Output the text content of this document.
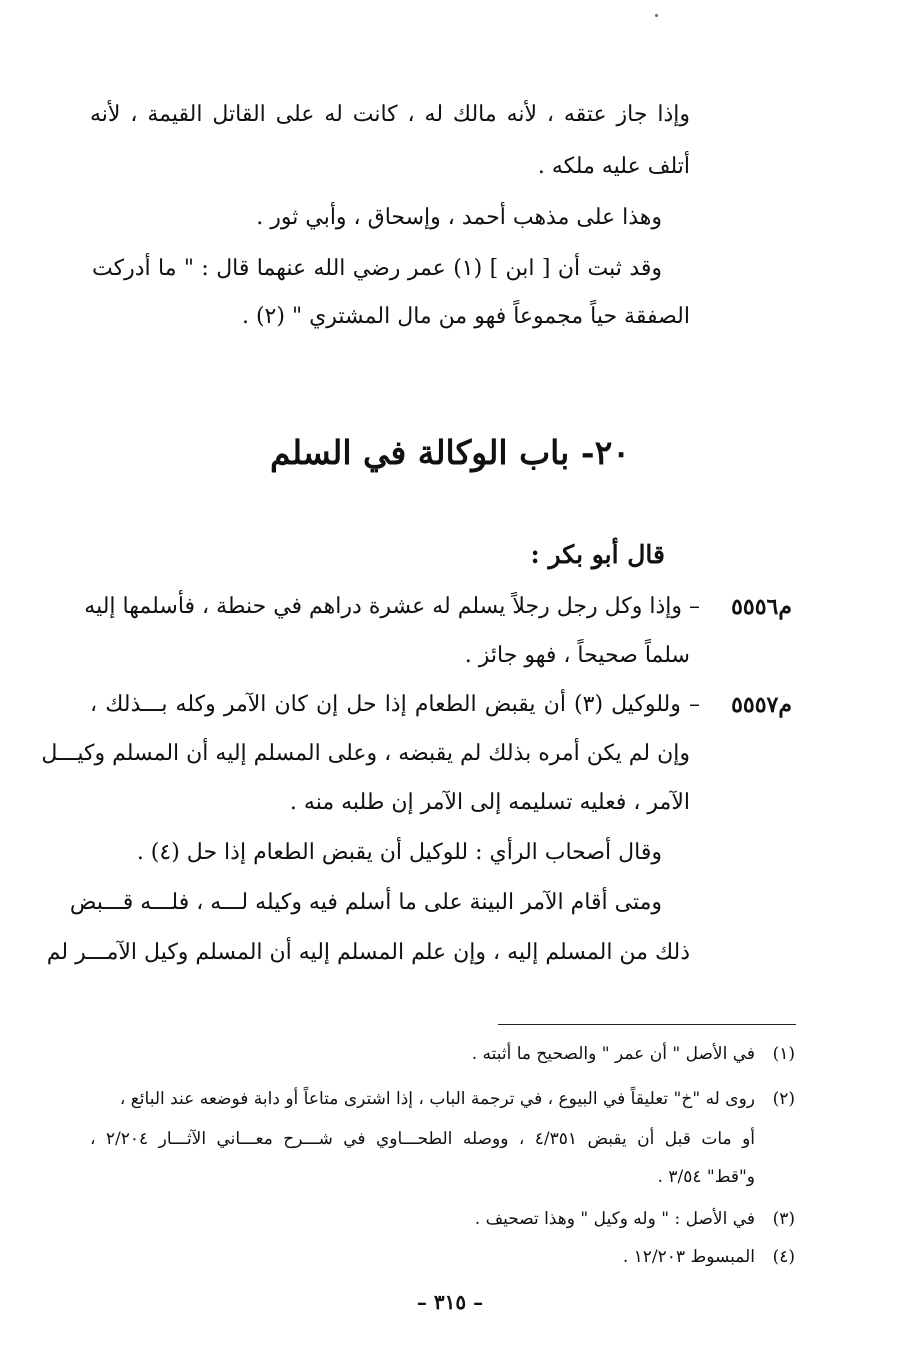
وإذا جاز عتقه ، لأنه مالك له ، كانت له على القاتل القيمة ، لأنه
أتلف عليه ملكه .
وهذا على مذهب أحمد ، وإسحاق ، وأبي ثور .
وقد ثبت أن [ ابن ] (١) عمر رضي الله عنهما قال : " ما أدركت
الصفقة حياً مجموعاً فهو من مال المشتري " (٢) .
٢٠- باب الوكالة في السلم
قال أبو بكر :
م٥٥٥٦
– وإذا وكل رجل رجلاً يسلم له عشرة دراهم في حنطة ، فأسلمها إليه
سلماً صحيحاً ، فهو جائز .
م٥٥٥٧
– وللوكيل (٣) أن يقبض الطعام إذا حل إن كان الآمر وكله بـــذلك ،
وإن لم يكن أمره بذلك لم يقبضه ، وعلى المسلم إليه أن المسلم وكيـــل
الآمر ، فعليه تسليمه إلى الآمر إن طلبه منه .
وقال أصحاب الرأي : للوكيل أن يقبض الطعام إذا حل (٤) .
ومتى أقام الآمر البينة على ما أسلم فيه وكيله لـــه ، فلـــه قـــبض
ذلك من المسلم إليه ، وإن علم المسلم إليه أن المسلم وكيل الآمـــر لم
(١)في الأصل " أن عمر " والصحيح ما أثبته .
(٢)روى له "خ" تعليقاً في البيوع ، في ترجمة الباب ، إذا اشترى متاعاً أو دابة فوضعه عند البائع ،
أو مات قبل أن يقبض ٤/٣٥١ ، ووصله الطحـــاوي في شـــرح معـــاني الآثـــار ٢/٢٠٤ ،
و"قط" ٣/٥٤ .
(٣)في الأصل : " وله وكيل " وهذا تصحيف .
(٤)المبسوط ١٢/٢٠٣ .
– ٣١٥ –
